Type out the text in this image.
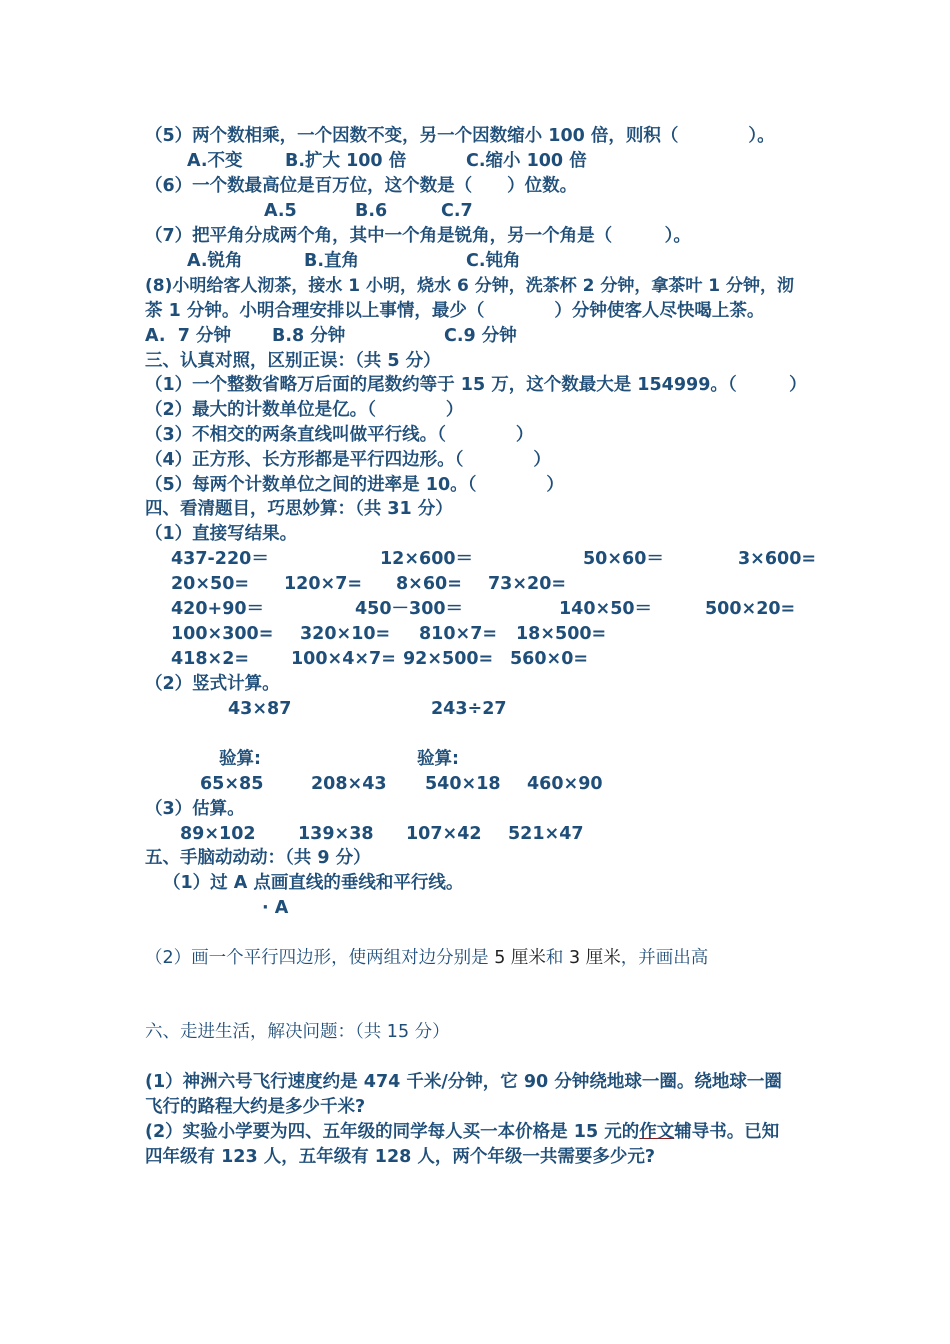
（5）两个数相乘，一个因数不变，另一个因数缩小 100 倍，则积（　　　　）。
A.不变 B.扩大 100 倍	C.缩小 100 倍
（6）一个数最高位是百万位，这个数是（　　）位数。
A.5	B.6	C.7
（7）把平角分成两个角，其中一个角是锐角，另一个角是（　　　）。
A.锐角	B.直角	C.钝角
(8)小明给客人沏茶，接水 1 小明，烧水 6 分钟，洗茶杯 2 分钟，拿茶叶 1 分钟，沏
茶 1 分钟。小明合理安排以上事情，最少（　　　　）分钟使客人尽快喝上茶。
A.  7 分钟 B.8 分钟	C.9 分钟
三、认真对照，区别正误：（共 5 分）
（1）一个整数省略万后面的尾数约等于 15 万，这个数最大是 154999。（　　　）
（2）最大的计数单位是亿。（　　　　）
（3）不相交的两条直线叫做平行线。（　　　　）
（4）正方形、长方形都是平行四边形。（　　　　）
（5）每两个计数单位之间的进率是 10。（　　　　）
四、看清题目，巧思妙算：（共 31 分）
（1）直接写结果。
437-220＝	12×600＝	50×60＝	3×600=
20×50= 120×7= 8×60= 73×20=
420+90＝	450－300＝	140×50＝	500×20=
100×300= 320×10= 810×7= 18×500=
418×2= 100×4×7= 92×500= 560×0=
（2）竖式计算。
43×87	243÷27
验算:	验算:
65×85	208×43 540×18 460×90
（3）估算。
89×102 139×38 107×42 521×47
五、手脑动动动：（共 9 分）
（1）过 A 点画直线的垂线和平行线。
· A
（2）画一个平行四边形，使两组对边分别是 5 厘米和 3 厘米，并画出高
六、走进生活，解决问题：（共 15 分）
(1）神洲六号飞行速度约是 474 千米/分钟，它 90 分钟绕地球一圈。绕地球一圈
飞行的路程大约是多少千米?
(2）实验小学要为四、五年级的同学每人买一本价格是 15 元的作文辅导书。已知
四年级有 123 人，五年级有 128 人，两个年级一共需要多少元?
